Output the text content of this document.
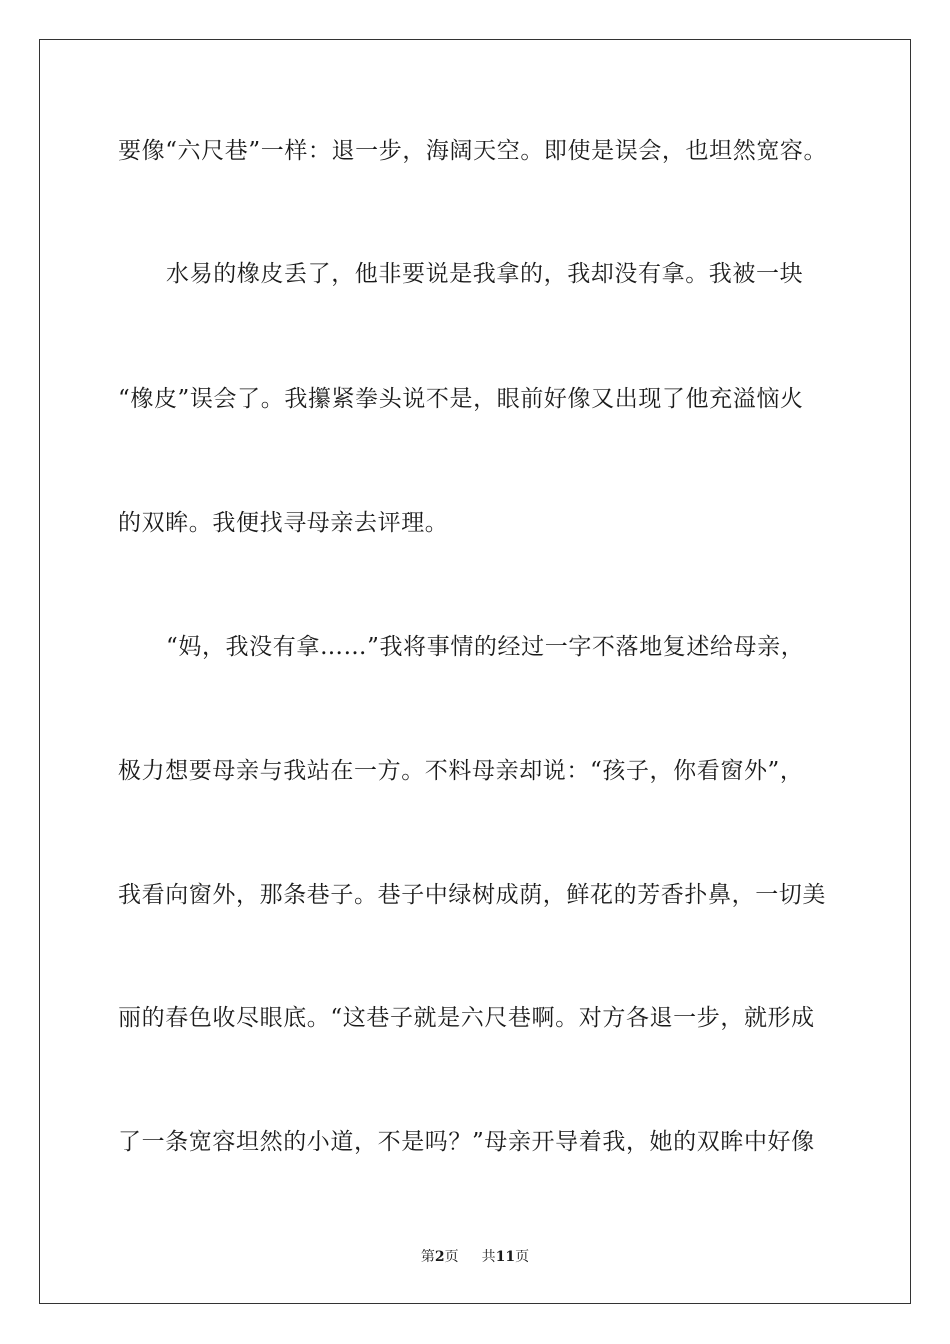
要像“六尺巷”一样：退一步，海阔天空。即使是误会，也坦然宽容。
水易的橡皮丢了，他非要说是我拿的，我却没有拿。我被一块
“橡皮”误会了。我攥紧拳头说不是，眼前好像又出现了他充溢恼火
的双眸。我便找寻母亲去评理。
“妈，我没有拿……”我将事情的经过一字不落地复述给母亲，
极力想要母亲与我站在一方。不料母亲却说：“孩子，你看窗外”，
我看向窗外，那条巷子。巷子中绿树成荫，鲜花的芳香扑鼻，一切美
丽的春色收尽眼底。“这巷子就是六尺巷啊。对方各退一步，就形成
了一条宽容坦然的小道，不是吗？”母亲开导着我，她的双眸中好像
第2页 共11页
